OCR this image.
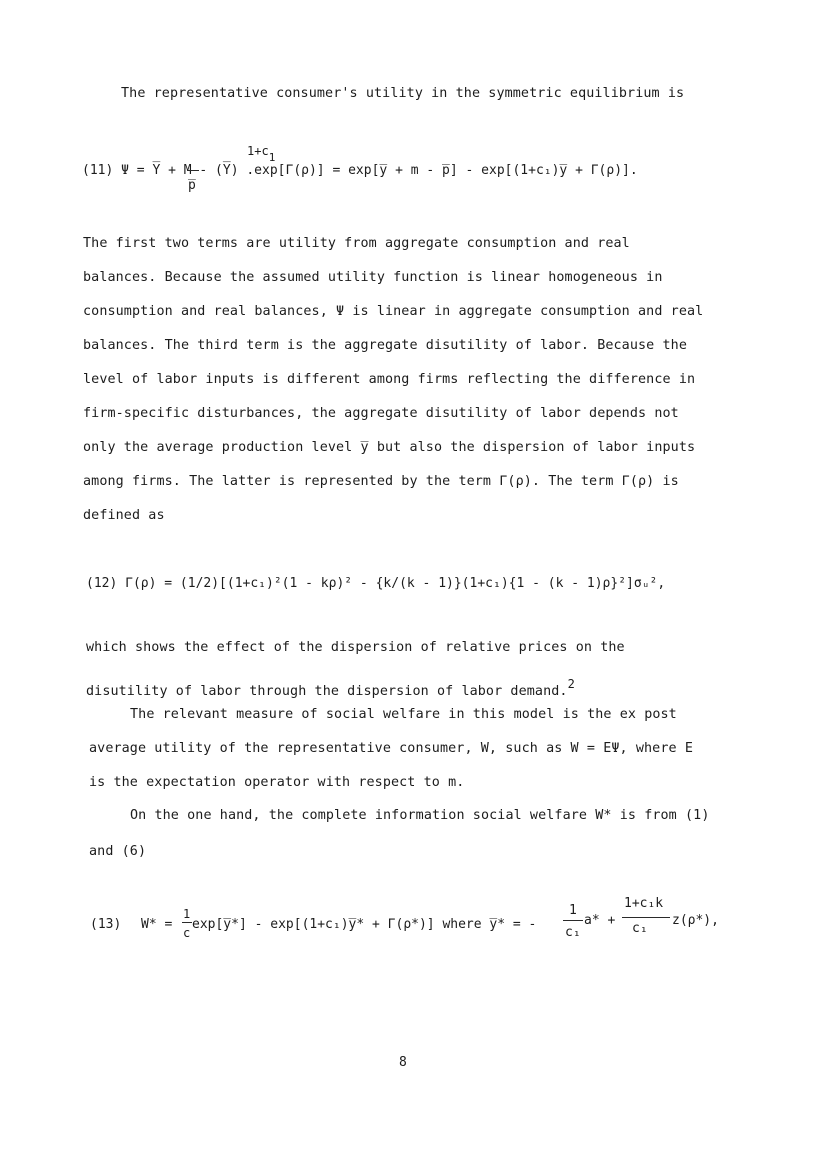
The representative consumer's utility in the symmetric equilibrium is
1+c1
(11) Ψ = Y̅ + M - (Y̅) .exp[Γ(ρ)] = exp[y̅ + m - p̅] - exp[(1+c₁)y̅ + Γ(ρ)].
p̅
The first two terms are utility from aggregate consumption and real
balances. Because the assumed utility function is linear homogeneous in
consumption and real balances, Ψ is linear in aggregate consumption and real
balances. The third term is the aggregate disutility of labor. Because the
level of labor inputs is different among firms reflecting the difference in
firm-specific disturbances, the aggregate disutility of labor depends not
only the average production level y̅ but also the dispersion of labor inputs
among firms. The latter is represented by the term Γ(ρ). The term Γ(ρ) is
defined as
(12) Γ(ρ) = (1/2)[(1+c₁)²(1 - kρ)² - {k/(k - 1)}(1+c₁){1 - (k - 1)ρ}²]σᵤ²,
which shows the effect of the dispersion of relative prices on the
disutility of labor through the dispersion of labor demand.2
The relevant measure of social welfare in this model is the ex post
average utility of the representative consumer, W, such as W = EΨ, where E
is the expectation operator with respect to m.
On the one hand, the complete information social welfare W* is from (1)
and (6)
(13) W* =
1
c
exp[y̅*] - exp[(1+c₁)y̅* + Γ(ρ*)] where y̅* = -
1
c₁
a* +
1+c₁k
c₁
z(ρ*),
8
